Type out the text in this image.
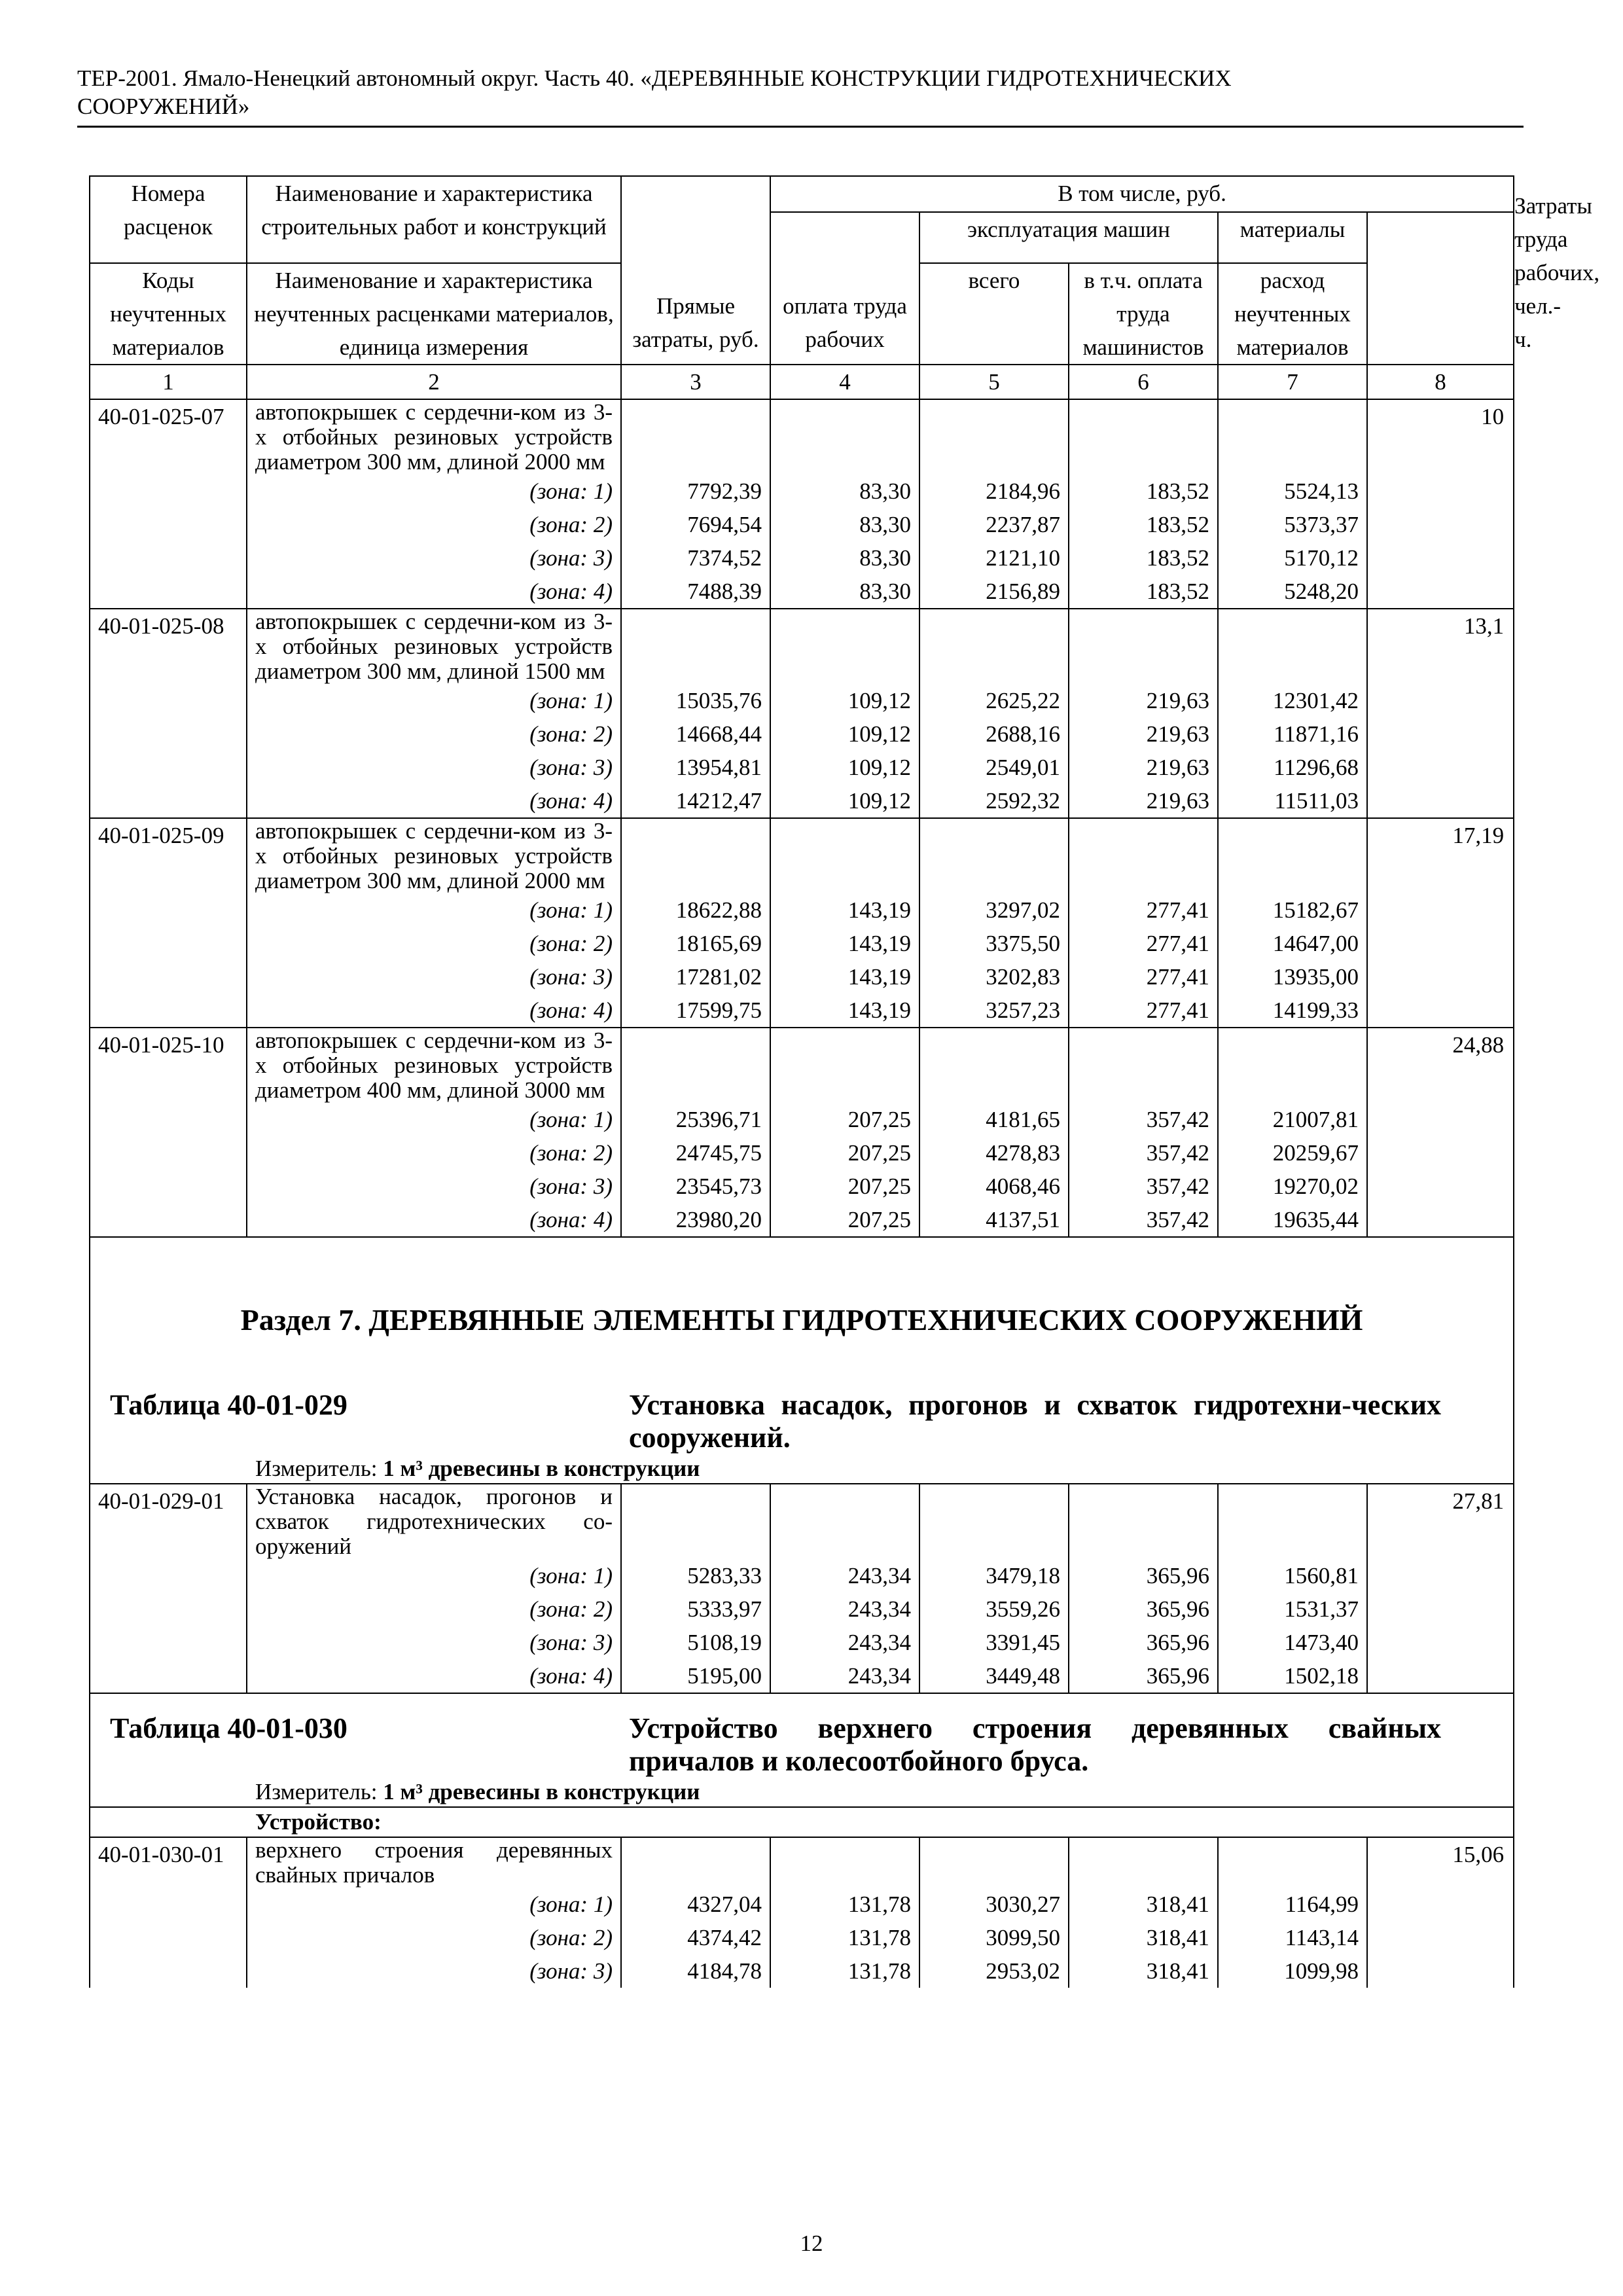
ТЕР-2001. Ямало-Ненецкий автономный округ. Часть 40. «ДЕРЕВЯННЫЕ КОНСТРУКЦИИ ГИДРОТЕХНИЧЕСКИХ
СООРУЖЕНИЙ»
Номера расценок	Наименование и характеристика строительных работ и конструкций	Прямые затраты, руб.	В том числе, руб.					Затраты труда рабочих, чел.-ч.
			оплата труда рабочих	эксплуатация машин		материалы		
Коды неучтенных материалов	Наименование и характеристика неучтенных расценками материалов, единица измерения			всего	в т.ч. оплата труда машинистов	расход неучтенных материалов		
1	2	3	4	5	6	7	8	
40-01-025-07	автопокрышек с сердечни-ком из 3-х отбойных резиновых устройств диаметром 300 мм, длиной 2000 мм						10	
	(зона: 1)	7792,39	83,30	2184,96	183,52	5524,13		
	(зона: 2)	7694,54	83,30	2237,87	183,52	5373,37		
	(зона: 3)	7374,52	83,30	2121,10	183,52	5170,12		
	(зона: 4)	7488,39	83,30	2156,89	183,52	5248,20		
40-01-025-08	автопокрышек с сердечни-ком из 3-х отбойных резиновых устройств диаметром 300 мм, длиной 1500 мм						13,1	
	(зона: 1)	15035,76	109,12	2625,22	219,63	12301,42		
	(зона: 2)	14668,44	109,12	2688,16	219,63	11871,16		
	(зона: 3)	13954,81	109,12	2549,01	219,63	11296,68		
	(зона: 4)	14212,47	109,12	2592,32	219,63	11511,03		
40-01-025-09	автопокрышек с сердечни-ком из 3-х отбойных резиновых устройств диаметром 300 мм, длиной 2000 мм						17,19	
	(зона: 1)	18622,88	143,19	3297,02	277,41	15182,67		
	(зона: 2)	18165,69	143,19	3375,50	277,41	14647,00		
	(зона: 3)	17281,02	143,19	3202,83	277,41	13935,00		
	(зона: 4)	17599,75	143,19	3257,23	277,41	14199,33		
40-01-025-10	автопокрышек с сердечни-ком из 3-х отбойных резиновых устройств диаметром 400 мм, длиной 3000 мм						24,88	
	(зона: 1)	25396,71	207,25	4181,65	357,42	21007,81		
	(зона: 2)	24745,75	207,25	4278,83	357,42	20259,67		
	(зона: 3)	23545,73	207,25	4068,46	357,42	19270,02		
	(зона: 4)	23980,20	207,25	4137,51	357,42	19635,44		

Раздел 7. ДЕРЕВЯННЫЕ ЭЛЕМЕНТЫ ГИДРОТЕХНИЧЕСКИХ СООРУЖЕНИЙ
Таблица 40-01-029 Установка насадок, прогонов и схваток гидротехни-ческих сооружений.
Измеритель: 1 м³ древесины в конструкции								

40-01-029-01	Установка насадок, прогонов и схваток гидротехнических со-оружений						27,81	
	(зона: 1)	5283,33	243,34	3479,18	365,96	1560,81		
	(зона: 2)	5333,97	243,34	3559,26	365,96	1531,37		
	(зона: 3)	5108,19	243,34	3391,45	365,96	1473,40		
	(зона: 4)	5195,00	243,34	3449,48	365,96	1502,18		

Таблица 40-01-030 Устройство верхнего строения деревянных свайных причалов и колесоотбойного бруса.
Измеритель: 1 м³ древесины в конструкции								

Устройство:								

40-01-030-01	верхнего строения деревянных свайных причалов						15,06	
	(зона: 1)	4327,04	131,78	3030,27	318,41	1164,99		
	(зона: 2)	4374,42	131,78	3099,50	318,41	1143,14		
	(зона: 3)	4184,78	131,78	2953,02	318,41	1099,98		
12
